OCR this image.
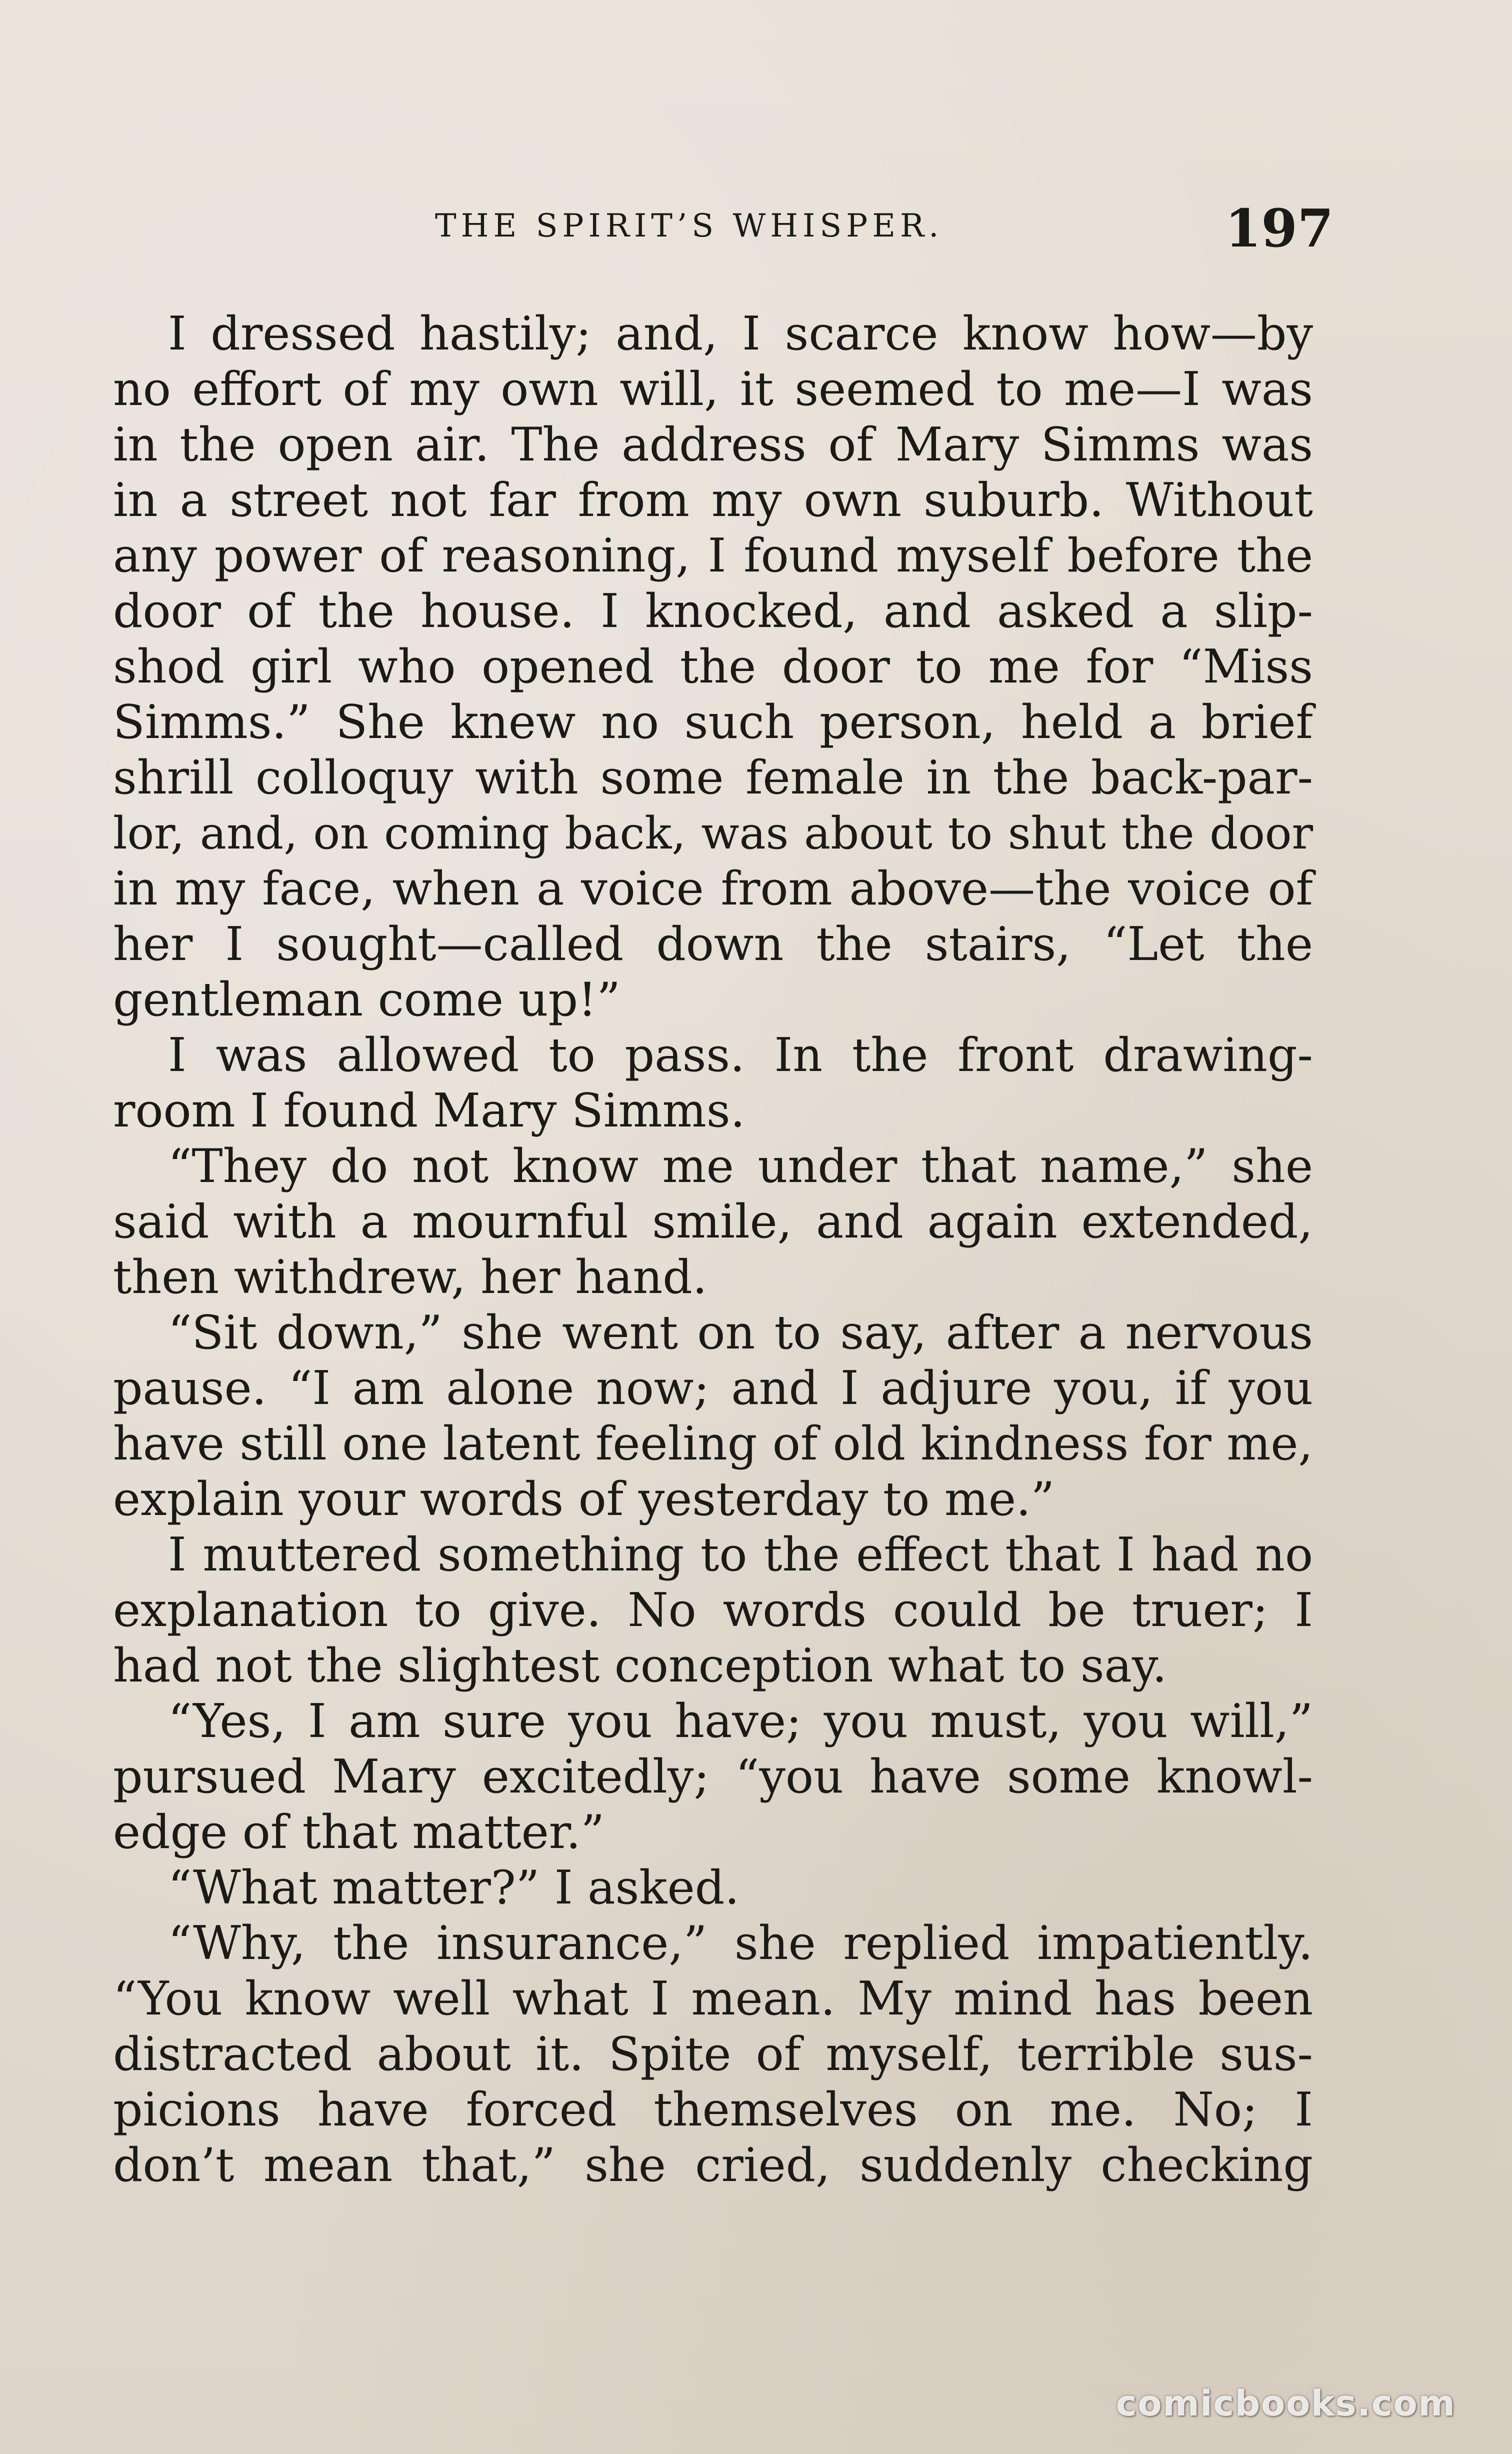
THE SPIRIT’S WHISPER.	197
I dressed hastily; and, I scarce know how—by
no effort of my own will, it seemed to me—I was
in the open air. The address of Mary Simms was
in a street not far from my own suburb. Without
any power of reasoning, I found myself before the
door of the house. I knocked, and asked a slip-
shod girl who opened the door to me for “Miss
Simms.” She knew no such person, held a brief
shrill colloquy with some female in the back-par-
lor, and, on coming back, was about to shut the door
in my face, when a voice from above—the voice of
her I sought—called down the stairs, “Let the
gentleman come up!”
I was allowed to pass. In the front drawing-
room I found Mary Simms.
“They do not know me under that name,” she
said with a mournful smile, and again extended,
then withdrew, her hand.
“Sit down,” she went on to say, after a nervous
pause. “I am alone now; and I adjure you, if you
have still one latent feeling of old kindness for me,
explain your words of yesterday to me.”
I muttered something to the effect that I had no
explanation to give. No words could be truer; I
had not the slightest conception what to say.
“Yes, I am sure you have; you must, you will,”
pursued Mary excitedly; “you have some knowl-
edge of that matter.”
“What matter?” I asked.
“Why, the insurance,” she replied impatiently.
“You know well what I mean. My mind has been
distracted about it. Spite of myself, terrible sus-
picions have forced themselves on me. No; I
don’t mean that,” she cried, suddenly checking
comicbooks.com
